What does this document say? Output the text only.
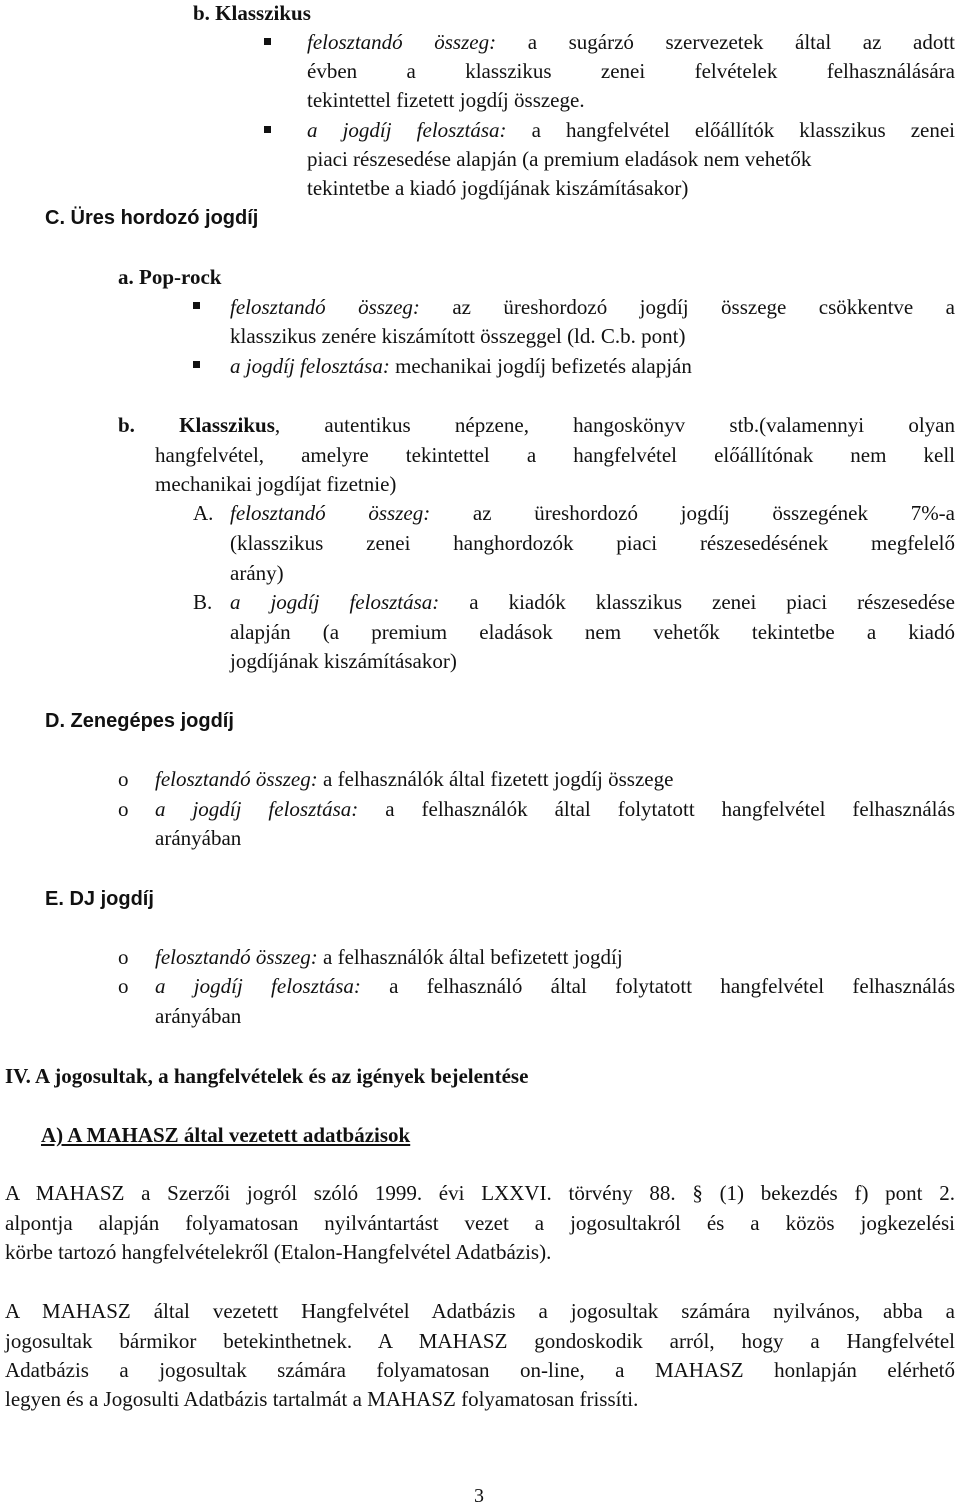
b. Klasszikus
felosztandó összeg: a sugárzó szervezetek által az adott
évben a klasszikus zenei felvételek felhasználására
tekintettel fizetett jogdíj összege.
a jogdíj felosztása: a hangfelvétel előállítók klasszikus zenei
piaci részesedése alapján (a premium eladások nem vehetők
tekintetbe a kiadó jogdíjának kiszámításakor)
C. Üres hordozó jogdíj
a. Pop-rock
felosztandó összeg: az üreshordozó jogdíj összege csökkentve a
klasszikus zenére kiszámított összeggel (ld. C.b. pont)
a jogdíj felosztása: mechanikai jogdíj befizetés alapján
b. Klasszikus, autentikus népzene, hangoskönyv stb.(valamennyi olyan
hangfelvétel, amelyre tekintettel a hangfelvétel előállítónak nem kell
mechanikai jogdíjat fizetnie)
A. felosztandó összeg: az üreshordozó jogdíj összegének 7%-a
(klasszikus zenei hanghordozók piaci részesedésének megfelelő
arány)
B. a jogdíj felosztása: a kiadók klasszikus zenei piaci részesedése
alapján (a premium eladások nem vehetők tekintetbe a kiadó
jogdíjának kiszámításakor)
D. Zenegépes jogdíj
o felosztandó összeg: a felhasználók által fizetett jogdíj összege
o a jogdíj felosztása: a felhasználók által folytatott hangfelvétel felhasználás
arányában
E. DJ jogdíj
o felosztandó összeg: a felhasználók által befizetett jogdíj
o a jogdíj felosztása: a felhasználó által folytatott hangfelvétel felhasználás
arányában
IV. A jogosultak, a hangfelvételek és az igények bejelentése
A) A MAHASZ által vezetett adatbázisok
A MAHASZ a Szerzői jogról szóló 1999. évi LXXVI. törvény 88. § (1) bekezdés f) pont 2.
alpontja alapján folyamatosan nyilvántartást vezet a jogosultakról és a közös jogkezelési
körbe tartozó hangfelvételekről (Etalon-Hangfelvétel Adatbázis).
A MAHASZ által vezetett Hangfelvétel Adatbázis a jogosultak számára nyilvános, abba a
jogosultak bármikor betekinthetnek. A MAHASZ gondoskodik arról, hogy a Hangfelvétel
Adatbázis a jogosultak számára folyamatosan on-line, a MAHASZ honlapján elérhető
legyen és a Jogosulti Adatbázis tartalmát a MAHASZ folyamatosan frissíti.
3
